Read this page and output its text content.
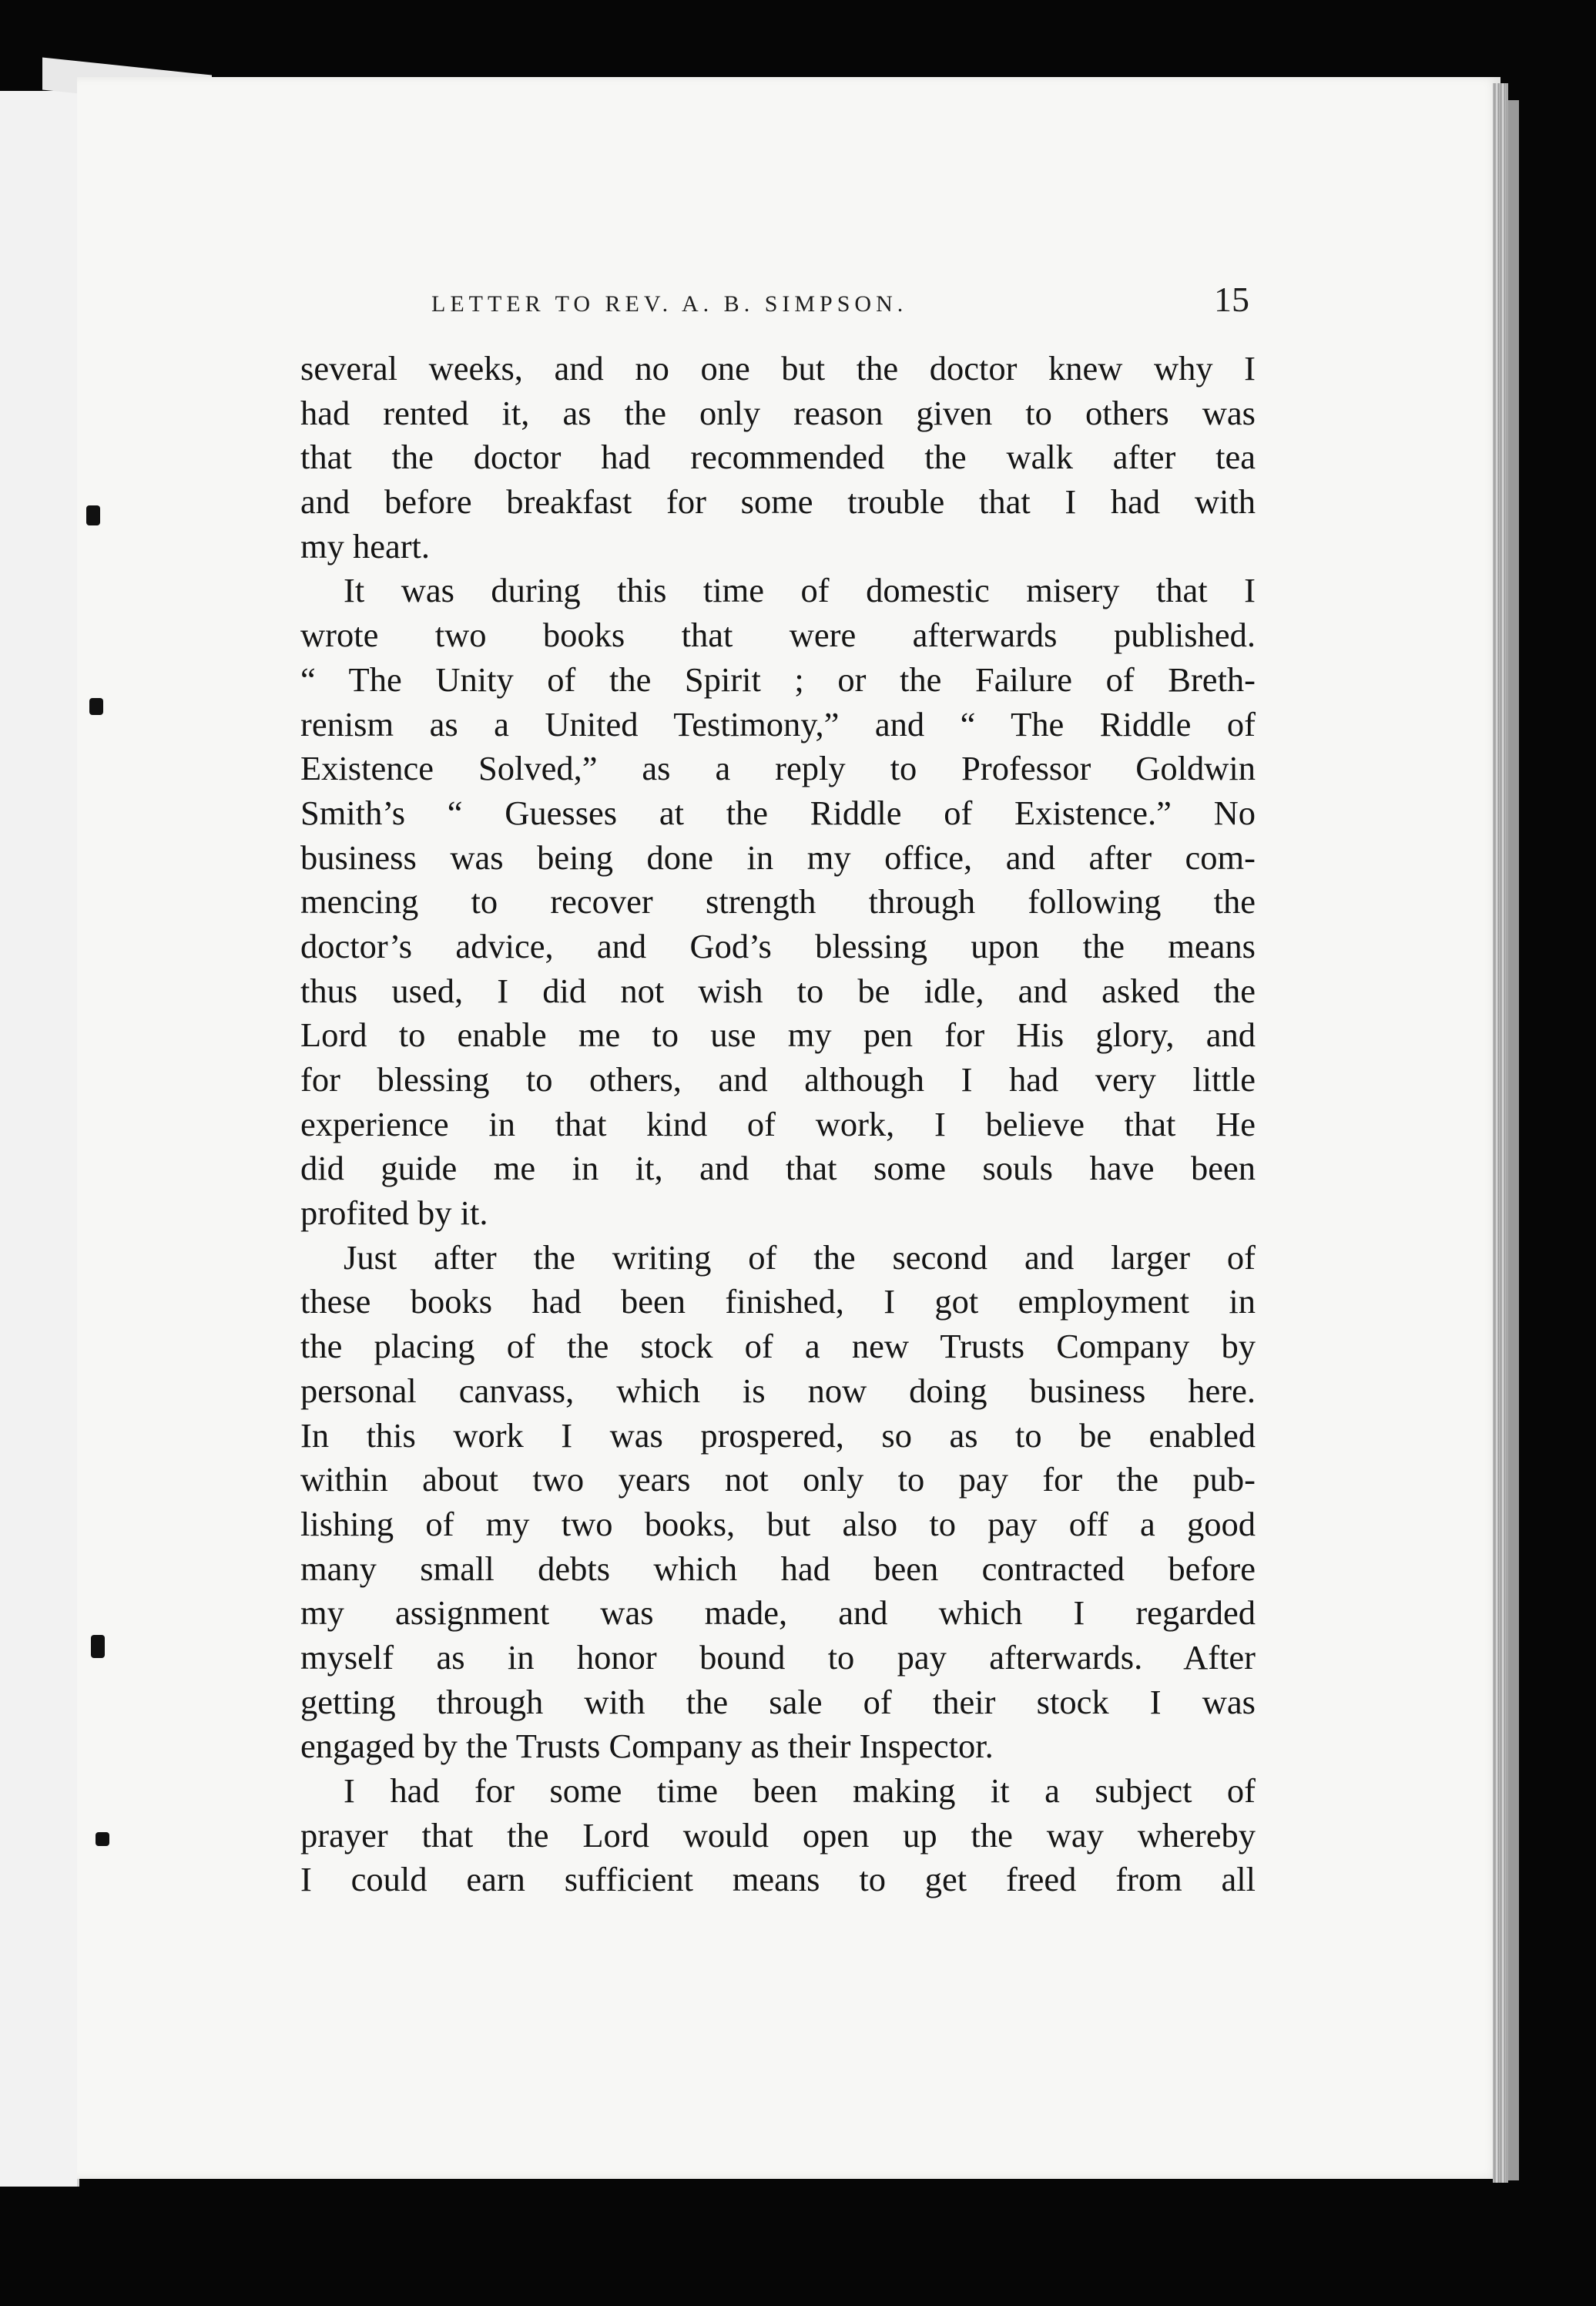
LETTER TO REV. A. B. SIMPSON.	15
several weeks, and no one but the doctor knew why I
had rented it, as the only reason given to others was
that the doctor had recommended the walk after tea
and before breakfast for some trouble that I had with
my heart.
It was during this time of domestic misery that I
wrote two books that were afterwards published.
“ The Unity of the Spirit ; or the Failure of Breth-
renism as a United Testimony,” and “ The Riddle of
Existence Solved,” as a reply to Professor Goldwin
Smith’s “ Guesses at the Riddle of Existence.” No
business was being done in my office, and after com-
mencing to recover strength through following the
doctor’s advice, and God’s blessing upon the means
thus used, I did not wish to be idle, and asked the
Lord to enable me to use my pen for His glory, and
for blessing to others, and although I had very little
experience in that kind of work, I believe that He
did guide me in it, and that some souls have been
profited by it.
Just after the writing of the second and larger of
these books had been finished, I got employment in
the placing of the stock of a new Trusts Company by
personal canvass, which is now doing business here.
In this work I was prospered, so as to be enabled
within about two years not only to pay for the pub-
lishing of my two books, but also to pay off a good
many small debts which had been contracted before
my assignment was made, and which I regarded
myself as in honor bound to pay afterwards. After
getting through with the sale of their stock I was
engaged by the Trusts Company as their Inspector.
I had for some time been making it a subject of
prayer that the Lord would open up the way whereby
I could earn sufficient means to get freed from all
